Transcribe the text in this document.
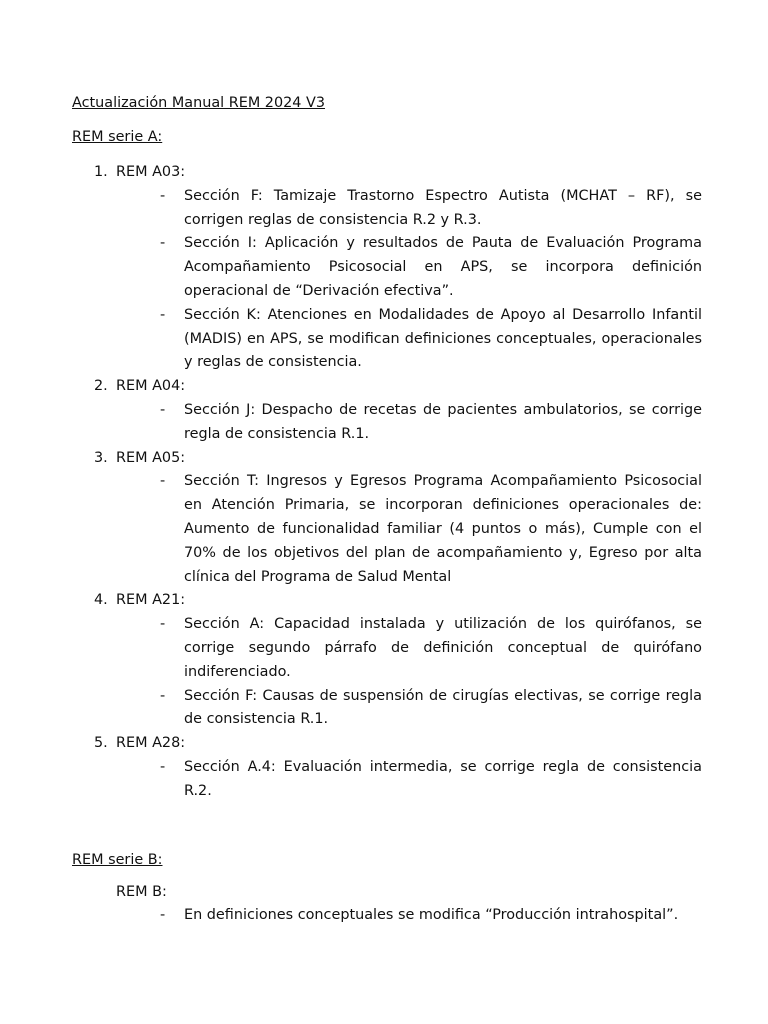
Actualización Manual REM 2024 V3

REM serie A:

1. REM A03:
- Sección F: Tamizaje Trastorno Espectro Autista (MCHAT – RF), se corrigen reglas de consistencia R.2 y R.3.
- Sección I: Aplicación y resultados de Pauta de Evaluación Programa Acompañamiento Psicosocial en APS, se incorpora definición operacional de “Derivación efectiva”.
- Sección K: Atenciones en Modalidades de Apoyo al Desarrollo Infantil (MADIS) en APS, se modifican definiciones conceptuales, operacionales y reglas de consistencia.
2. REM A04:
- Sección J: Despacho de recetas de pacientes ambulatorios, se corrige regla de consistencia R.1.
3. REM A05:
- Sección T: Ingresos y Egresos Programa Acompañamiento Psicosocial en Atención Primaria, se incorporan definiciones operacionales de: Aumento de funcionalidad familiar (4 puntos o más), Cumple con el 70% de los objetivos del plan de acompañamiento y, Egreso por alta clínica del Programa de Salud Mental
4. REM A21:
- Sección A: Capacidad instalada y utilización de los quirófanos, se corrige segundo párrafo de definición conceptual de quirófano indiferenciado.
- Sección F: Causas de suspensión de cirugías electivas, se corrige regla de consistencia R.1.
5. REM A28:
- Sección A.4: Evaluación intermedia, se corrige regla de consistencia R.2.

REM serie B:

REM B:
- En definiciones conceptuales se modifica “Producción intrahospital”.
